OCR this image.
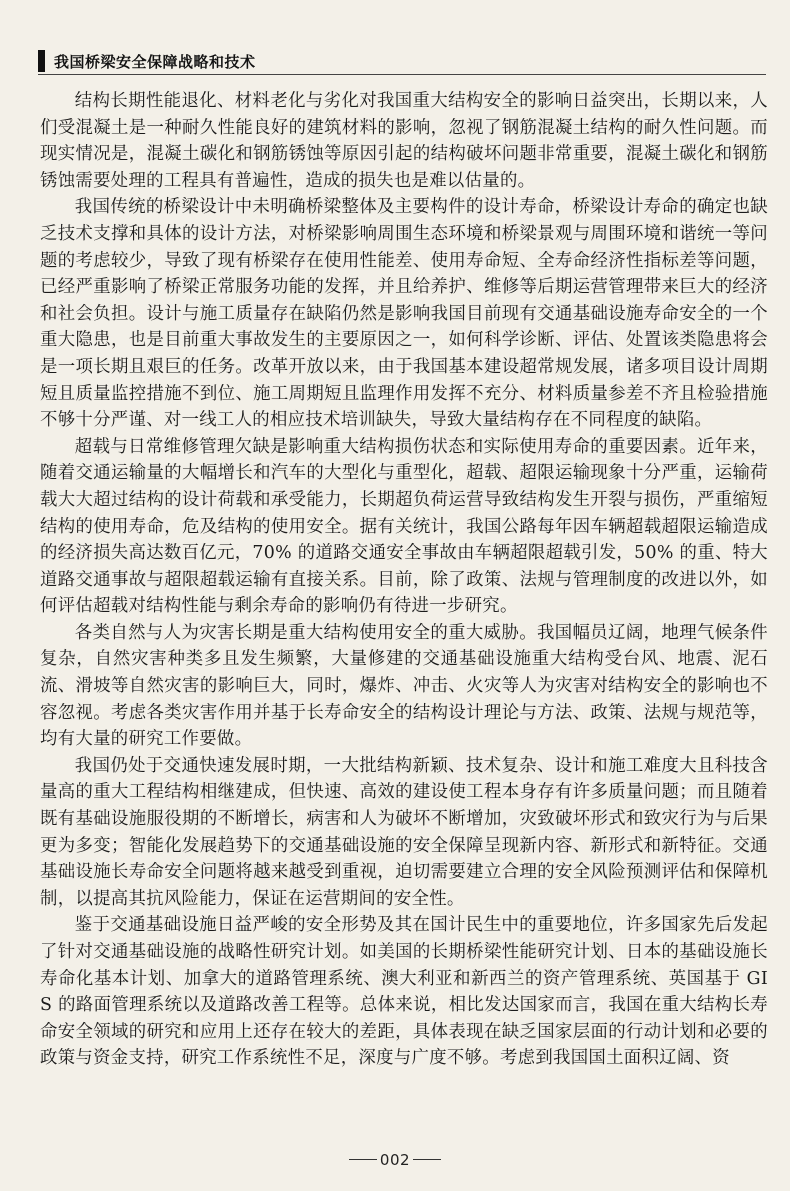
我国桥梁安全保障战略和技术

结构长期性能退化、材料老化与劣化对我国重大结构安全的影响日益突出，长期以来，人们受混凝土是一种耐久性能良好的建筑材料的影响，忽视了钢筋混凝土结构的耐久性问题。而现实情况是，混凝土碳化和钢筋锈蚀等原因引起的结构破坏问题非常重要，混凝土碳化和钢筋锈蚀需要处理的工程具有普遍性，造成的损失也是难以估量的。

我国传统的桥梁设计中未明确桥梁整体及主要构件的设计寿命，桥梁设计寿命的确定也缺乏技术支撑和具体的设计方法，对桥梁影响周围生态环境和桥梁景观与周围环境和谐统一等问题的考虑较少，导致了现有桥梁存在使用性能差、使用寿命短、全寿命经济性指标差等问题，已经严重影响了桥梁正常服务功能的发挥，并且给养护、维修等后期运营管理带来巨大的经济和社会负担。设计与施工质量存在缺陷仍然是影响我国目前现有交通基础设施寿命安全的一个重大隐患，也是目前重大事故发生的主要原因之一，如何科学诊断、评估、处置该类隐患将会是一项长期且艰巨的任务。改革开放以来，由于我国基本建设超常规发展，诸多项目设计周期短且质量监控措施不到位、施工周期短且监理作用发挥不充分、材料质量参差不齐且检验措施不够十分严谨、对一线工人的相应技术培训缺失，导致大量结构存在不同程度的缺陷。

超载与日常维修管理欠缺是影响重大结构损伤状态和实际使用寿命的重要因素。近年来，随着交通运输量的大幅增长和汽车的大型化与重型化，超载、超限运输现象十分严重，运输荷载大大超过结构的设计荷载和承受能力，长期超负荷运营导致结构发生开裂与损伤，严重缩短结构的使用寿命，危及结构的使用安全。据有关统计，我国公路每年因车辆超载超限运输造成的经济损失高达数百亿元，70% 的道路交通安全事故由车辆超限超载引发，50% 的重、特大道路交通事故与超限超载运输有直接关系。目前，除了政策、法规与管理制度的改进以外，如何评估超载对结构性能与剩余寿命的影响仍有待进一步研究。

各类自然与人为灾害长期是重大结构使用安全的重大威胁。我国幅员辽阔，地理气候条件复杂，自然灾害种类多且发生频繁，大量修建的交通基础设施重大结构受台风、地震、泥石流、滑坡等自然灾害的影响巨大，同时，爆炸、冲击、火灾等人为灾害对结构安全的影响也不容忽视。考虑各类灾害作用并基于长寿命安全的结构设计理论与方法、政策、法规与规范等，均有大量的研究工作要做。

我国仍处于交通快速发展时期，一大批结构新颖、技术复杂、设计和施工难度大且科技含量高的重大工程结构相继建成，但快速、高效的建设使工程本身存有许多质量问题；而且随着既有基础设施服役期的不断增长，病害和人为破坏不断增加，灾致破坏形式和致灾行为与后果更为多变；智能化发展趋势下的交通基础设施的安全保障呈现新内容、新形式和新特征。交通基础设施长寿命安全问题将越来越受到重视，迫切需要建立合理的安全风险预测评估和保障机制，以提高其抗风险能力，保证在运营期间的安全性。

鉴于交通基础设施日益严峻的安全形势及其在国计民生中的重要地位，许多国家先后发起了针对交通基础设施的战略性研究计划。如美国的长期桥梁性能研究计划、日本的基础设施长寿命化基本计划、加拿大的道路管理系统、澳大利亚和新西兰的资产管理系统、英国基于 GIS 的路面管理系统以及道路改善工程等。总体来说，相比发达国家而言，我国在重大结构长寿命安全领域的研究和应用上还存在较大的差距，具体表现在缺乏国家层面的行动计划和必要的政策与资金支持，研究工作系统性不足，深度与广度不够。考虑到我国国土面积辽阔、资

002
